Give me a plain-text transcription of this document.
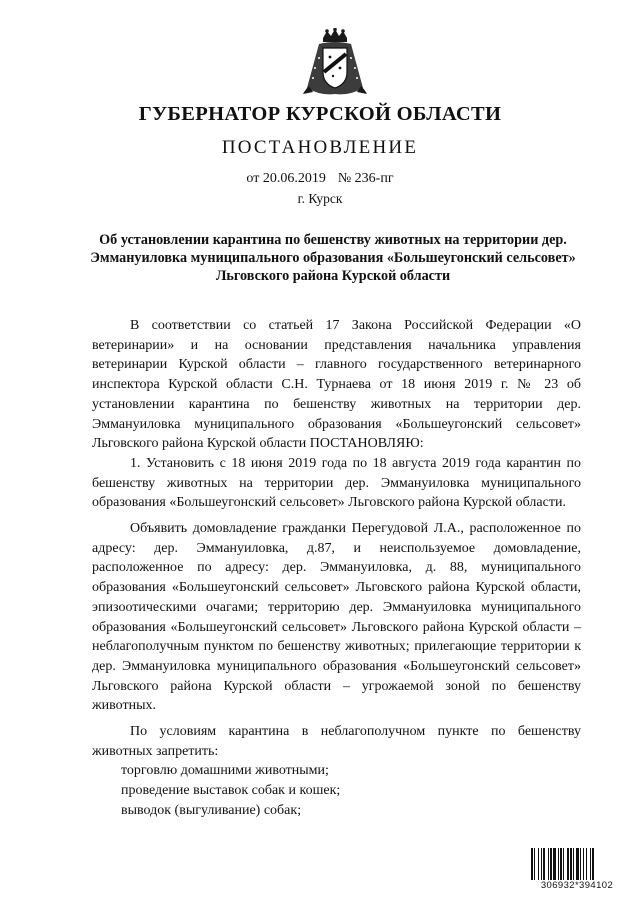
ГУБЕРНАТОР КУРСКОЙ ОБЛАСТИ
ПОСТАНОВЛЕНИЕ
от 20.06.2019 № 236-пг
г. Курск
Об установлении карантина по бешенству животных на территории дер. Эммануиловка муниципального образования «Большеугонский сельсовет» Льговского района Курской области

В соответствии со статьей 17 Закона Российской Федерации «О ветеринарии» и на основании представления начальника управления ветеринарии Курской области – главного государственного ветеринарного инспектора Курской области С.Н. Турнаева от 18 июня 2019 г. № 23 об установлении карантина по бешенству животных на территории дер. Эммануиловка муниципального образования «Большеугонский сельсовет» Льговского района Курской области ПОСТАНОВЛЯЮ:

1. Установить с 18 июня 2019 года по 18 августа 2019 года карантин по бешенству животных на территории дер. Эммануиловка муниципального образования «Большеугонский сельсовет» Льговского района Курской области.

Объявить домовладение гражданки Перегудовой Л.А., расположенное по адресу: дер. Эммануиловка, д.87, и неиспользуемое домовладение, расположенное по адресу: дер. Эммануиловка, д. 88, муниципального образования «Большеугонский сельсовет» Льговского района Курской области, эпизоотическими очагами; территорию дер. Эммануиловка муниципального образования «Большеугонский сельсовет» Льговского района Курской области – неблагополучным пунктом по бешенству животных; прилегающие территории к дер. Эммануиловка муниципального образования «Большеугонский сельсовет» Льговского района Курской области – угрожаемой зоной по бешенству животных.

По условиям карантина в неблагополучном пункте по бешенству животных запретить:

торговлю домашними животными;

проведение выставок собак и кошек;

выводок (выгуливание) собак;

306932*394102
